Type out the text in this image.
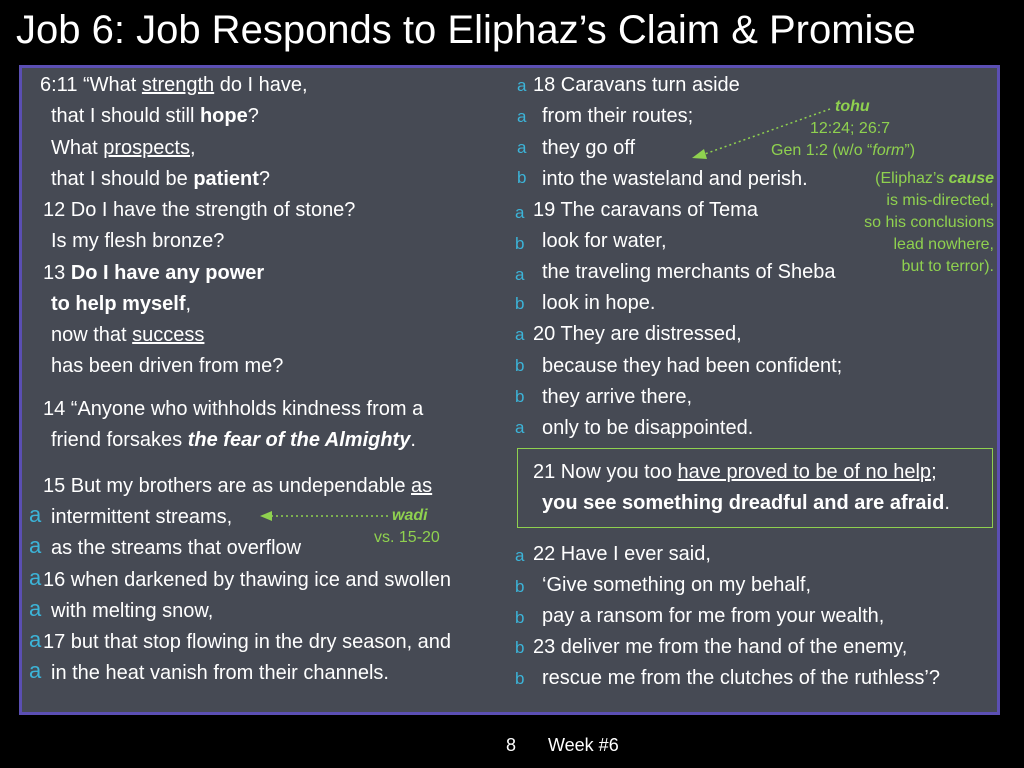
Job 6: Job Responds to Eliphaz’s Claim & Promise
6:11 “What strength do I have,
that I should still hope?
What prospects,
that I should be patient?
12 Do I have the strength of stone?
Is my flesh bronze?
13 Do I have any power
to help myself,
now that success
has been driven from me?
14 “Anyone who withholds kindness from a
friend forsakes the fear of the Almighty.
15 But my brothers are as undependable as
intermittent streams,
as the streams that overflow
16 when darkened by thawing ice and swollen
with melting snow,
17 but that stop flowing in the dry season, and
in the heat vanish from their channels.
a
a
a
a
a
a
18 Caravans turn aside
from their routes;
they go off
into the wasteland and perish.
19 The caravans of Tema
look for water,
the traveling merchants of Sheba
look in hope.
20 They are distressed,
because they had been confident;
they arrive there,
only to be disappointed.
21 Now you too have proved to be of no help;
you see something dreadful and are afraid.
22 Have I ever said,
‘Give something on my behalf,
pay a ransom for me from your wealth,
23 deliver me from the hand of the enemy,
rescue me from the clutches of the ruthless’?
a
a
a
b
a
b
a
b
a
b
b
a
a
b
b
b
b
tohu
12:24; 26:7
Gen 1:2 (w/o “form”)
(Eliphaz’s cause
is mis-directed,
so his conclusions
lead nowhere,
but to terror).
wadi
vs. 15-20
8 Week #6
